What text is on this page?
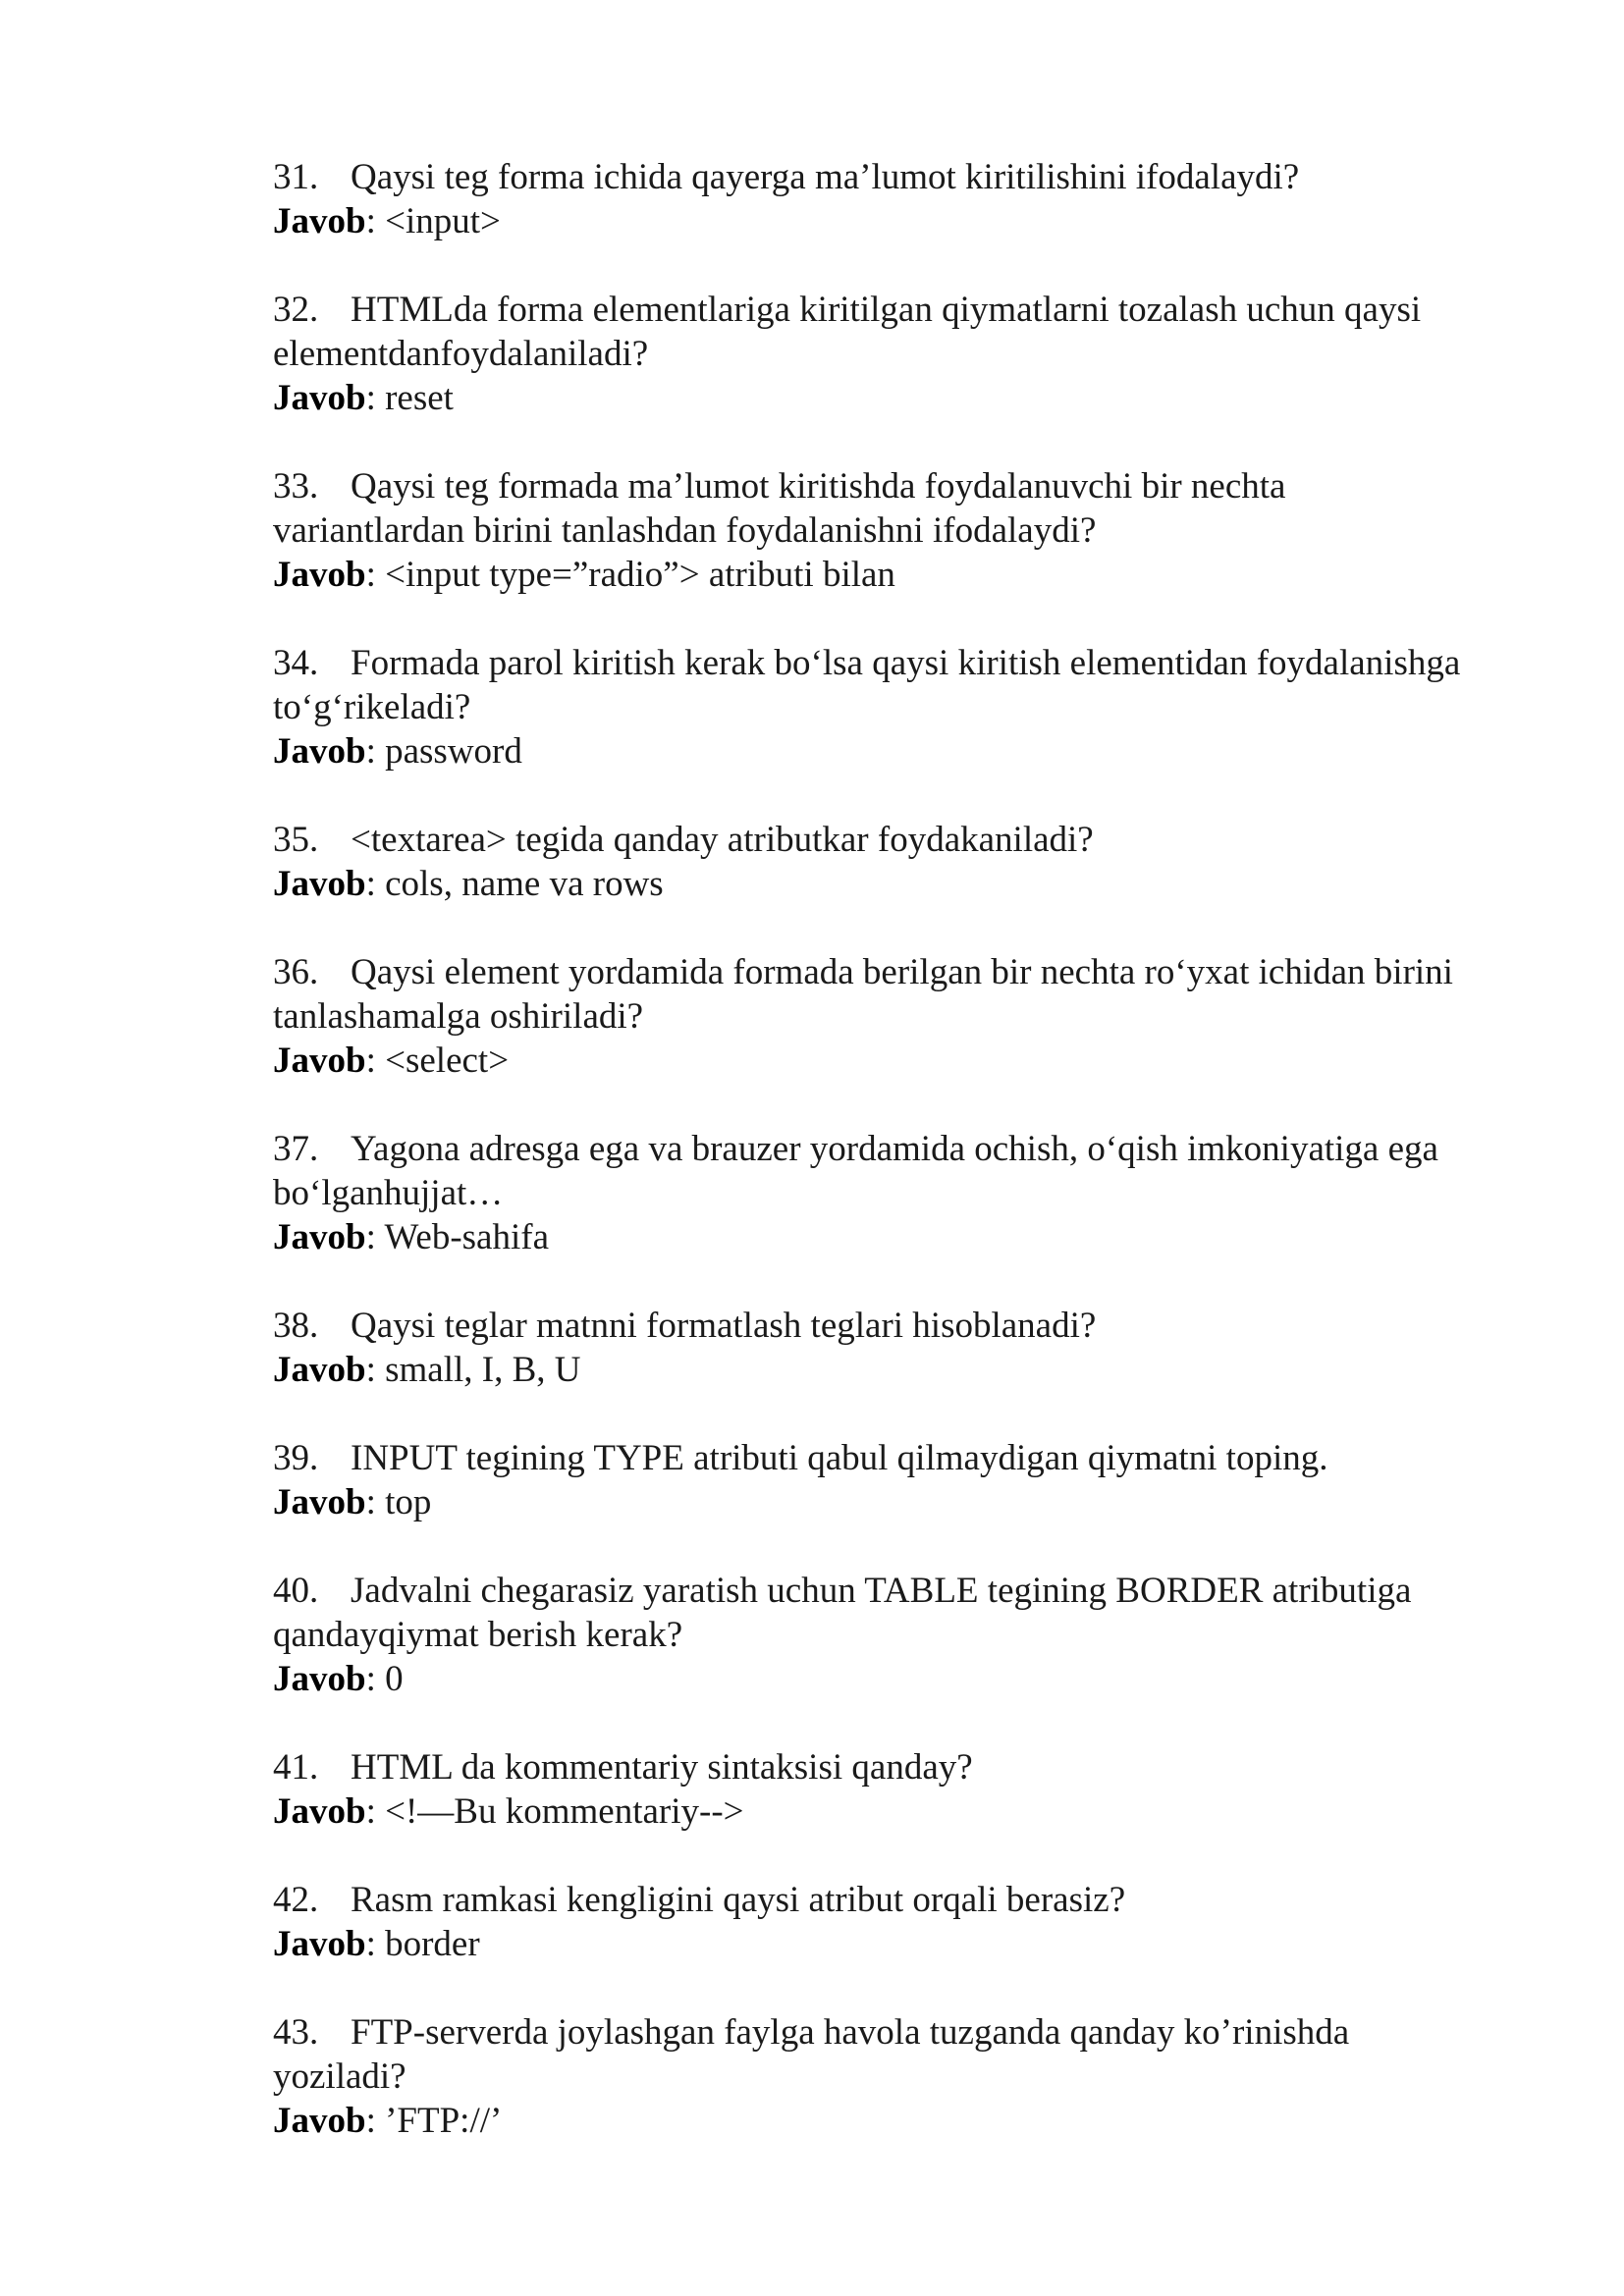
31. Qaysi teg forma ichida qayerga ma’lumot kiritilishini ifodalaydi?
Javob: <input>
32. HTMLda forma elementlariga kiritilgan qiymatlarni tozalash uchun qaysi
elementdanfoydalaniladi?
Javob: reset
33. Qaysi teg formada ma’lumot kiritishda foydalanuvchi bir nechta
variantlardan birini tanlashdan foydalanishni ifodalaydi?
Javob: <input type=”radio”> atributi bilan
34. Formada parol kiritish kerak bo‘lsa qaysi kiritish elementidan foydalanishga
to‘g‘rikeladi?
Javob: password
35. <textarea> tegida qanday atributkar foydakaniladi?
Javob: cols, name va rows
36. Qaysi element yordamida formada berilgan bir nechta ro‘yxat ichidan birini
tanlashamalga oshiriladi?
Javob: <select>
37. Yagona adresga ega va brauzer yordamida ochish, o‘qish imkoniyatiga ega
bo‘lganhujjat…
Javob: Web-sahifa
38. Qaysi teglar matnni formatlash teglari hisoblanadi?
Javob: small, I, B, U
39. INPUT tegining TYPE atributi qabul qilmaydigan qiymatni toping.
Javob: top
40. Jadvalni chegarasiz yaratish uchun TABLE tegining BORDER atributiga
qandayqiymat berish kerak?
Javob: 0
41. HTML da kommentariy sintaksisi qanday?
Javob: <!—Bu kommentariy-->
42. Rasm ramkasi kengligini qaysi atribut orqali berasiz?
Javob: border
43. FTP-serverda joylashgan faylga havola tuzganda qanday ko’rinishda
yoziladi?
Javob: ’FTP://’
